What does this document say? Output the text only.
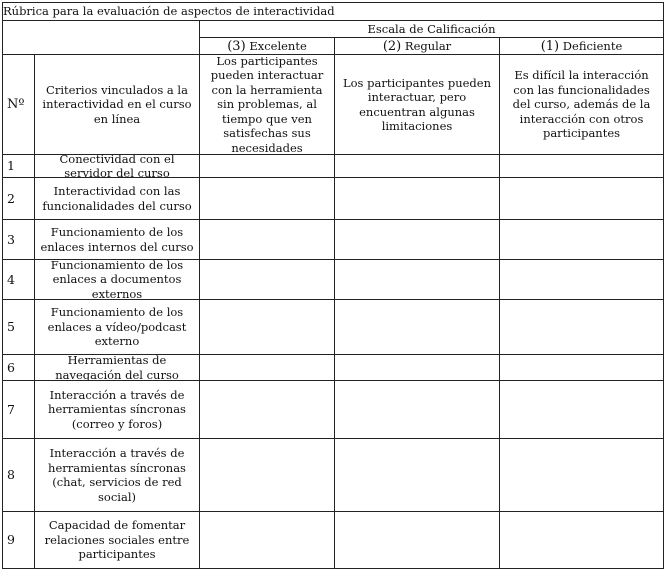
Rúbrica para la evaluación de aspectos de interactividad				

		Escala de Calificación		

		(3) Excelente	(2) Regular	(1) Deficiente

Nº	Criterios vinculados a la interactividad en el curso en línea	Los participantes pueden interactuar con la herramienta sin problemas, al tiempo que ven satisfechas sus necesidades	Los participantes pueden interactuar, pero encuentran algunas limitaciones	Es difícil la interacción con las funcionalidades del curso, además de la interacción con otros participantes

1	Conectividad con el servidor del curso			

2	Interactividad con las funcionalidades del curso			

3	Funcionamiento de los enlaces internos del curso			

4	Funcionamiento de los enlaces a documentos externos			

5	Funcionamiento de los enlaces a vídeo/podcast externo			

6	Herramientas de navegación del curso			

7	Interacción a través de herramientas síncronas (correo y foros)			

8	Interacción a través de herramientas síncronas (chat, servicios de red social)			

9	Capacidad de fomentar relaciones sociales entre participantes			
